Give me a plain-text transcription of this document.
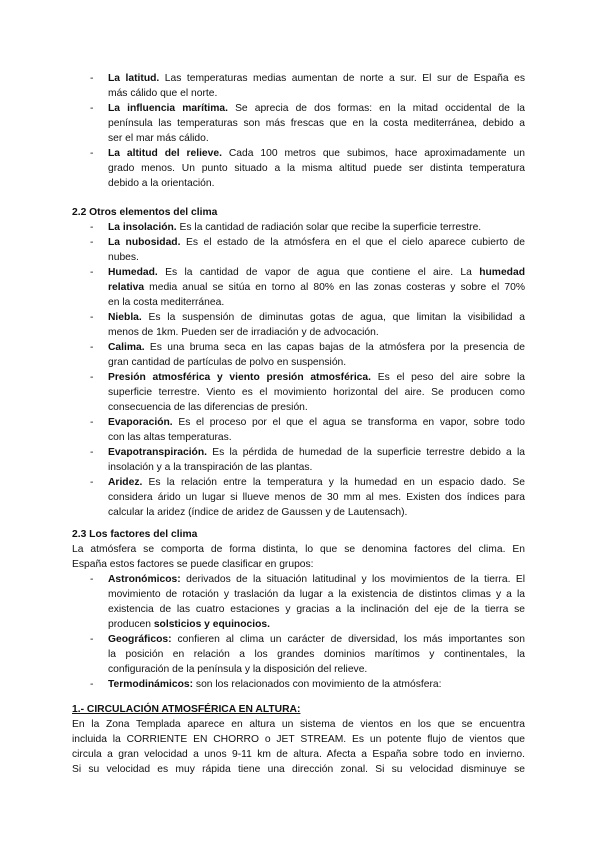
- La latitud. Las temperaturas medias aumentan de norte a sur. El sur de España es
más cálido que el norte.
- La influencia marítima. Se aprecia de dos formas: en la mitad occidental de la
península las temperaturas son más frescas que en la costa mediterránea, debido a
ser el mar más cálido.
- La altitud del relieve. Cada 100 metros que subimos, hace aproximadamente un
grado menos. Un punto situado a la misma altitud puede ser distinta temperatura
debido a la orientación.
2.2 Otros elementos del clima
- La insolación. Es la cantidad de radiación solar que recibe la superficie terrestre.
- La nubosidad. Es el estado de la atmósfera en el que el cielo aparece cubierto de
nubes.
- Humedad. Es la cantidad de vapor de agua que contiene el aire. La humedad
relativa media anual se sitúa en torno al 80% en las zonas costeras y sobre el 70%
en la costa mediterránea.
- Niebla. Es la suspensión de diminutas gotas de agua, que limitan la visibilidad a
menos de 1km. Pueden ser de irradiación y de advocación.
- Calima. Es una bruma seca en las capas bajas de la atmósfera por la presencia de
gran cantidad de partículas de polvo en suspensión.
- Presión atmosférica y viento presión atmosférica. Es el peso del aire sobre la
superficie terrestre. Viento es el movimiento horizontal del aire. Se producen como
consecuencia de las diferencias de presión.
- Evaporación. Es el proceso por el que el agua se transforma en vapor, sobre todo
con las altas temperaturas.
- Evapotranspiración. Es la pérdida de humedad de la superficie terrestre debido a la
insolación y a la transpiración de las plantas.
- Aridez. Es la relación entre la temperatura y la humedad en un espacio dado. Se
considera árido un lugar si llueve menos de 30 mm al mes. Existen dos índices para
calcular la aridez (índice de aridez de Gaussen y de Lautensach).
2.3 Los factores del clima
La atmósfera se comporta de forma distinta, lo que se denomina factores del clima. En
España estos factores se puede clasificar en grupos:
- Astronómicos: derivados de la situación latitudinal y los movimientos de la tierra. El
movimiento de rotación y traslación da lugar a la existencia de distintos climas y a la
existencia de las cuatro estaciones y gracias a la inclinación del eje de la tierra se
producen solsticios y equinocios.
- Geográficos: confieren al clima un carácter de diversidad, los más importantes son
la posición en relación a los grandes dominios marítimos y continentales, la
configuración de la península y la disposición del relieve.
- Termodinámicos: son los relacionados con movimiento de la atmósfera:
1.- CIRCULACIÓN ATMOSFÉRICA EN ALTURA:
En la Zona Templada aparece en altura un sistema de vientos en los que se encuentra
incluida la CORRIENTE EN CHORRO o JET STREAM. Es un potente flujo de vientos que
circula a gran velocidad a unos 9-11 km de altura. Afecta a España sobre todo en invierno.
Si su velocidad es muy rápida tiene una dirección zonal. Si su velocidad disminuye se
